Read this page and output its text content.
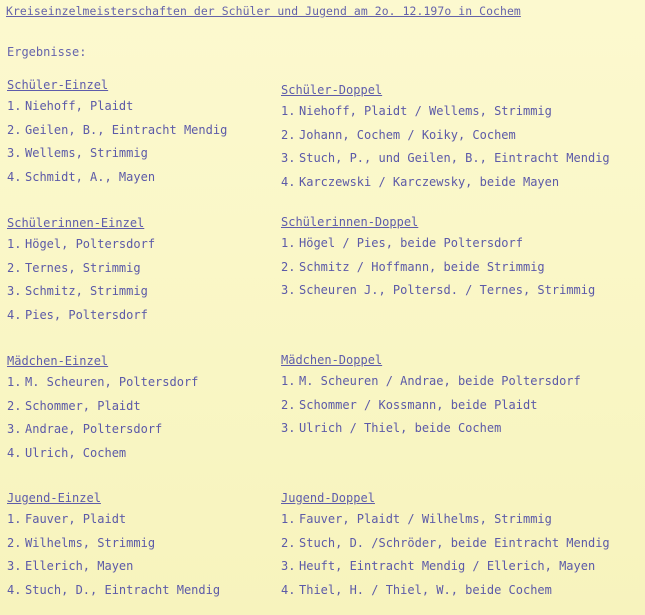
Kreiseinzelmeisterschaften der Schüler und Jugend am 2o. 12.197o in Cochem
Ergebnisse:
Schüler-Einzel
1. Niehoff, Plaidt
2. Geilen, B., Eintracht Mendig
3. Wellems, Strimmig
4. Schmidt, A., Mayen
Schüler-Doppel
1. Niehoff, Plaidt / Wellems, Strimmig
2. Johann, Cochem / Koiky, Cochem
3. Stuch, P., und Geilen, B., Eintracht Mendig
4. Karczewski / Karczewsky, beide Mayen
Schülerinnen-Einzel
1. Högel, Poltersdorf
2. Ternes, Strimmig
3. Schmitz, Strimmig
4. Pies, Poltersdorf
Schülerinnen-Doppel
1. Högel / Pies, beide Poltersdorf
2. Schmitz / Hoffmann, beide Strimmig
3. Scheuren J., Poltersd. / Ternes, Strimmig
Mädchen-Einzel
1. M. Scheuren, Poltersdorf
2. Schommer, Plaidt
3. Andrae, Poltersdorf
4. Ulrich, Cochem
Mädchen-Doppel
1. M. Scheuren / Andrae, beide Poltersdorf
2. Schommer / Kossmann, beide Plaidt
3. Ulrich / Thiel, beide Cochem
Jugend-Einzel
1. Fauver, Plaidt
2. Wilhelms, Strimmig
3. Ellerich, Mayen
4. Stuch, D., Eintracht Mendig
Jugend-Doppel
1. Fauver, Plaidt / Wilhelms, Strimmig
2. Stuch, D. /Schröder, beide Eintracht Mendig
3. Heuft, Eintracht Mendig / Ellerich, Mayen
4. Thiel, H. / Thiel, W., beide Cochem
